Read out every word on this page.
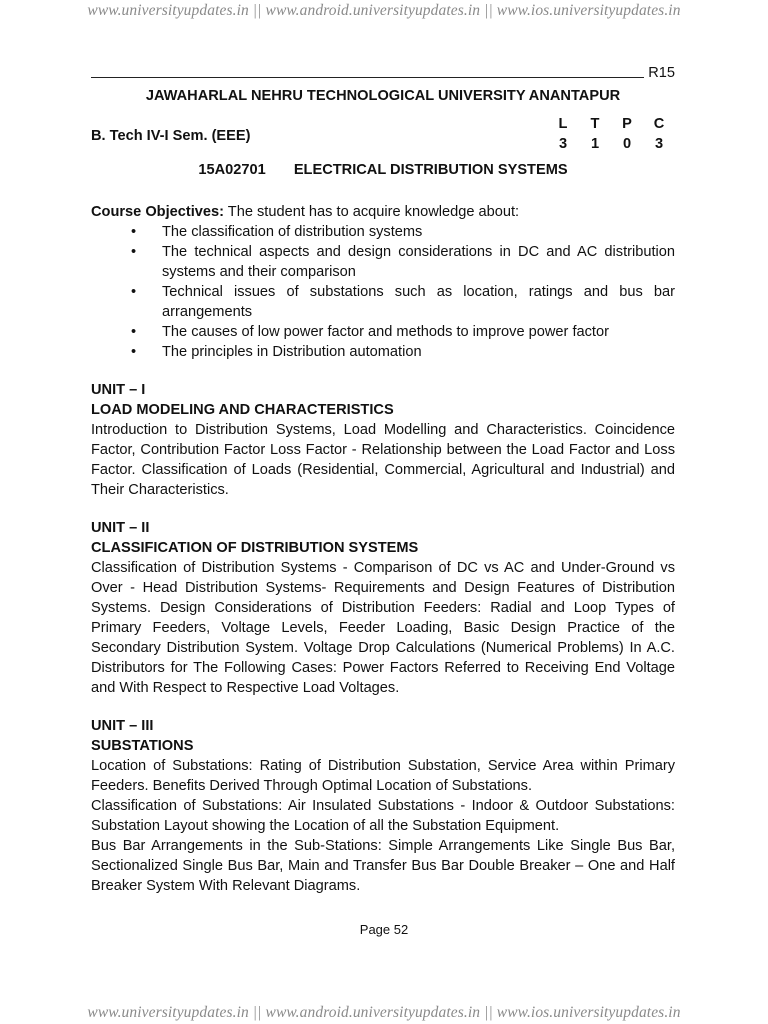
www.universityupdates.in || www.android.universityupdates.in || www.ios.universityupdates.in
R15
JAWAHARLAL NEHRU TECHNOLOGICAL UNIVERSITY ANANTAPUR
B. Tech IV-I Sem. (EEE)
L	T	P	C
3	1	0	3
15A02701 ELECTRICAL DISTRIBUTION SYSTEMS
Course Objectives: The student has to acquire knowledge about:
• The classification of distribution systems
• The technical aspects and design considerations in DC and AC distribution systems and their comparison
• Technical issues of substations such as location, ratings and bus bar arrangements
• The causes of low power factor and methods to improve power factor
• The principles in Distribution automation
UNIT – I
LOAD MODELING AND CHARACTERISTICS
Introduction to Distribution Systems, Load Modelling and Characteristics. Coincidence Factor, Contribution Factor Loss Factor - Relationship between the Load Factor and Loss Factor. Classification of Loads (Residential, Commercial, Agricultural and Industrial) and Their Characteristics.
UNIT – II
CLASSIFICATION OF DISTRIBUTION SYSTEMS
Classification of Distribution Systems - Comparison of DC vs AC and Under-Ground vs Over - Head Distribution Systems- Requirements and Design Features of Distribution Systems. Design Considerations of Distribution Feeders: Radial and Loop Types of Primary Feeders, Voltage Levels, Feeder Loading, Basic Design Practice of the Secondary Distribution System. Voltage Drop Calculations (Numerical Problems) In A.C. Distributors for The Following Cases: Power Factors Referred to Receiving End Voltage and With Respect to Respective Load Voltages.
UNIT – III
SUBSTATIONS
Location of Substations: Rating of Distribution Substation, Service Area within Primary Feeders. Benefits Derived Through Optimal Location of Substations.
Classification of Substations: Air Insulated Substations - Indoor & Outdoor Substations: Substation Layout showing the Location of all the Substation Equipment.
Bus Bar Arrangements in the Sub-Stations: Simple Arrangements Like Single Bus Bar, Sectionalized Single Bus Bar, Main and Transfer Bus Bar Double Breaker – One and Half Breaker System With Relevant Diagrams.
Page 52
www.universityupdates.in || www.android.universityupdates.in || www.ios.universityupdates.in
